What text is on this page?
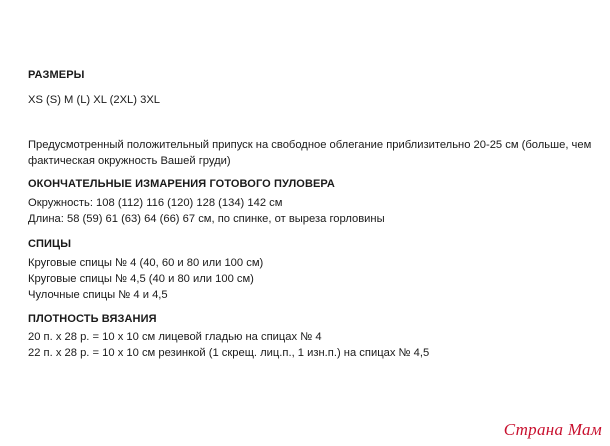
РАЗМЕРЫ
XS (S) M (L) XL (2XL) 3XL
Предусмотренный положительный припуск на свободное облегание приблизительно 20-25 см (больше, чем
фактическая окружность Вашей груди)
ОКОНЧАТЕЛЬНЫЕ ИЗМАРЕНИЯ ГОТОВОГО ПУЛОВЕРА
Окружность: 108 (112) 116 (120) 128 (134) 142 см
Длина: 58 (59) 61 (63) 64 (66) 67 см, по спинке, от выреза горловины
СПИЦЫ
Круговые спицы № 4 (40, 60 и 80 или 100 см)
Круговые спицы № 4,5 (40 и 80 или 100 см)
Чулочные спицы № 4 и 4,5
ПЛОТНОСТЬ ВЯЗАНИЯ
20 п. х 28 р. = 10 х 10 см лицевой гладью на спицах № 4
22 п. х 28 р. = 10 х 10 см резинкой (1 скрещ. лиц.п., 1 изн.п.) на спицах № 4,5
Страна Мам
